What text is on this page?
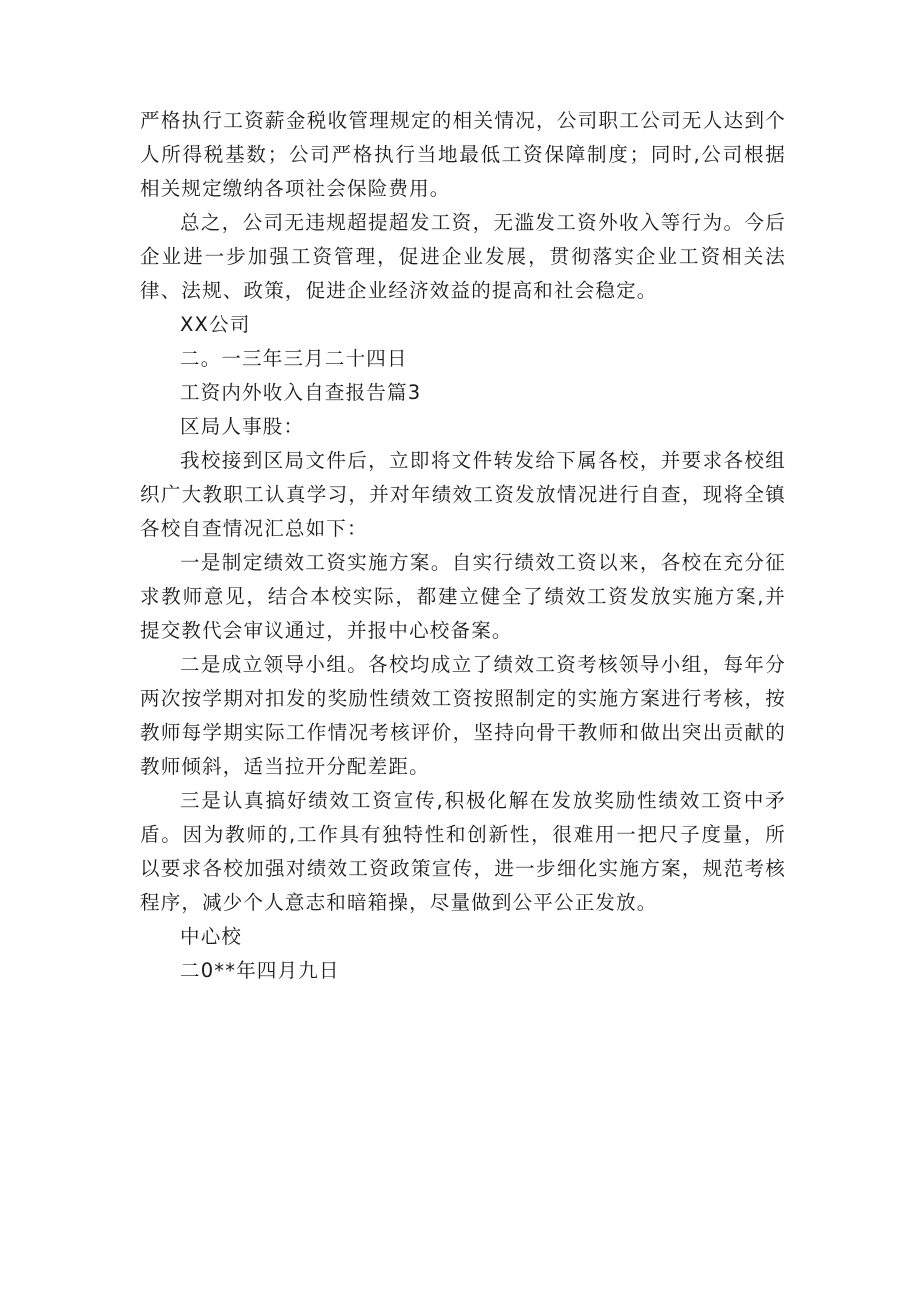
严格执行工资薪金税收管理规定的相关情况，公司职工公司无人达到个人所得税基数；公司严格执行当地最低工资保障制度；同时,公司根据相关规定缴纳各项社会保险费用。

总之，公司无违规超提超发工资，无滥发工资外收入等行为。今后企业进一步加强工资管理，促进企业发展，贯彻落实企业工资相关法律、法规、政策，促进企业经济效益的提高和社会稳定。

XX公司

二。一三年三月二十四日

工资内外收入自查报告篇3

区局人事股：

我校接到区局文件后，立即将文件转发给下属各校，并要求各校组织广大教职工认真学习，并对年绩效工资发放情况进行自查，现将全镇各校自查情况汇总如下：

一是制定绩效工资实施方案。自实行绩效工资以来，各校在充分征求教师意见，结合本校实际，都建立健全了绩效工资发放实施方案,并提交教代会审议通过，并报中心校备案。

二是成立领导小组。各校均成立了绩效工资考核领导小组，每年分两次按学期对扣发的奖励性绩效工资按照制定的实施方案进行考核，按教师每学期实际工作情况考核评价，坚持向骨干教师和做出突出贡献的教师倾斜，适当拉开分配差距。

三是认真搞好绩效工资宣传,积极化解在发放奖励性绩效工资中矛盾。因为教师的,工作具有独特性和创新性，很难用一把尺子度量，所以要求各校加强对绩效工资政策宣传，进一步细化实施方案，规范考核程序，减少个人意志和暗箱操，尽量做到公平公正发放。

中心校

二0**年四月九日
